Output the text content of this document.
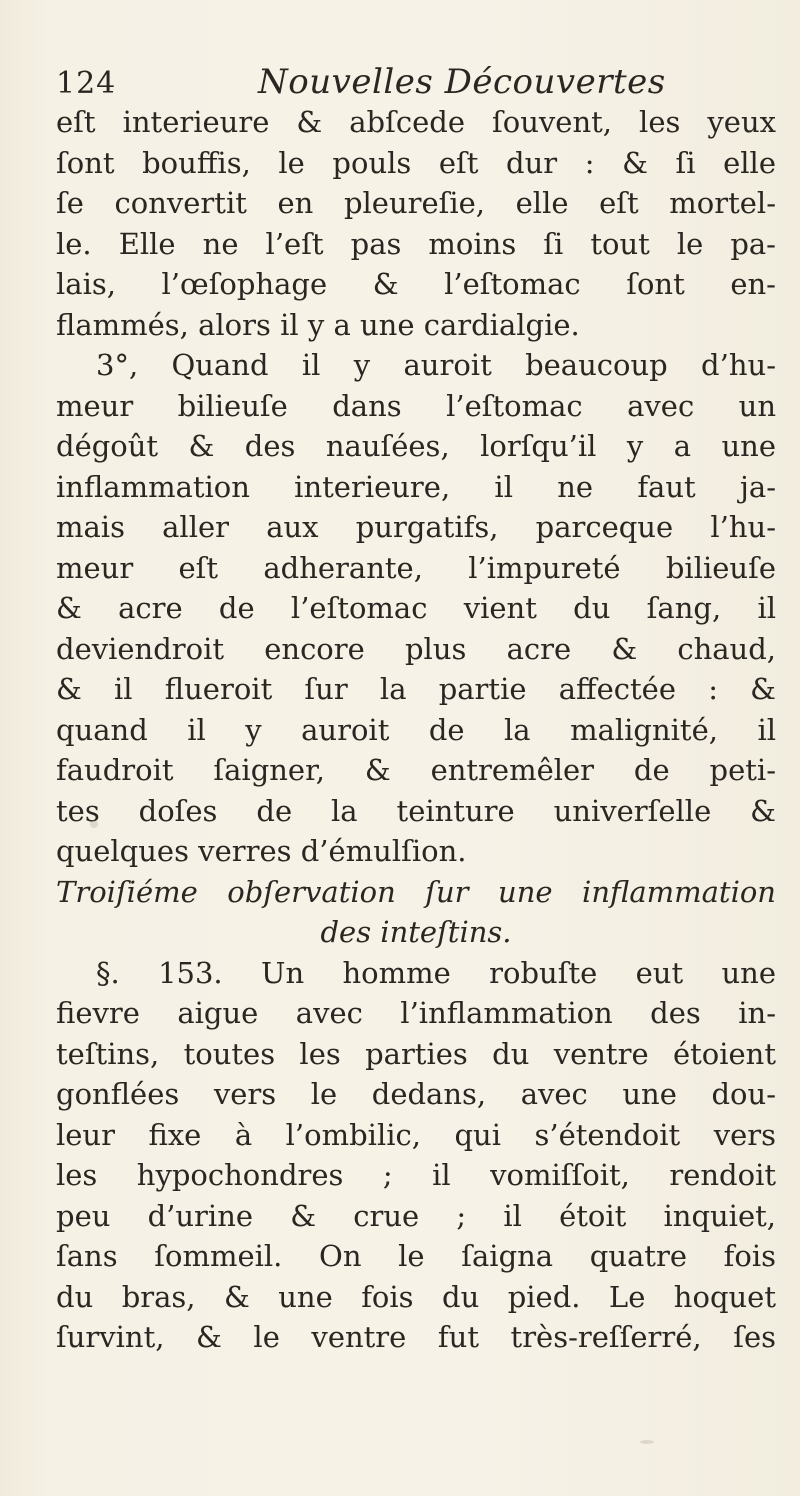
124	Nouvelles Découvertes
eſt interieure & abſcede ſouvent, les yeux
ſont bouffis, le pouls eſt dur : & ſi elle
ſe convertit en pleureſie, elle eſt mortel-
le. Elle ne l’eſt pas moins ſi tout le pa-
lais, l’œſophage & l’eſtomac ſont en-
flammés, alors il y a une cardialgie.
3°, Quand il y auroit beaucoup d’hu-
meur bilieuſe dans l’eſtomac avec un
dégoût & des nauſées, lorſqu’il y a une
inflammation interieure, il ne faut ja-
mais aller aux purgatifs, parceque l’hu-
meur eſt adherante, l’impureté bilieuſe
& acre de l’eſtomac vient du ſang, il
deviendroit encore plus acre & chaud,
& il flueroit ſur la partie affectée : &
quand il y auroit de la malignité, il
faudroit ſaigner, & entremêler de peti-
tes doſes de la teinture univerſelle &
quelques verres d’émulſion.
Troiſiéme obſervation ſur une inflammation
des inteſtins.
§. 153. Un homme robuſte eut une
fievre aigue avec l’inflammation des in-
teſtins, toutes les parties du ventre étoient
gonflées vers le dedans, avec une dou-
leur fixe à l’ombilic, qui s’étendoit vers
les hypochondres ; il vomiſſoit, rendoit
peu d’urine & crue ; il étoit inquiet,
ſans ſommeil. On le ſaigna quatre fois
du bras, & une fois du pied. Le hoquet
ſurvint, & le ventre fut très-reſſerré, ſes
